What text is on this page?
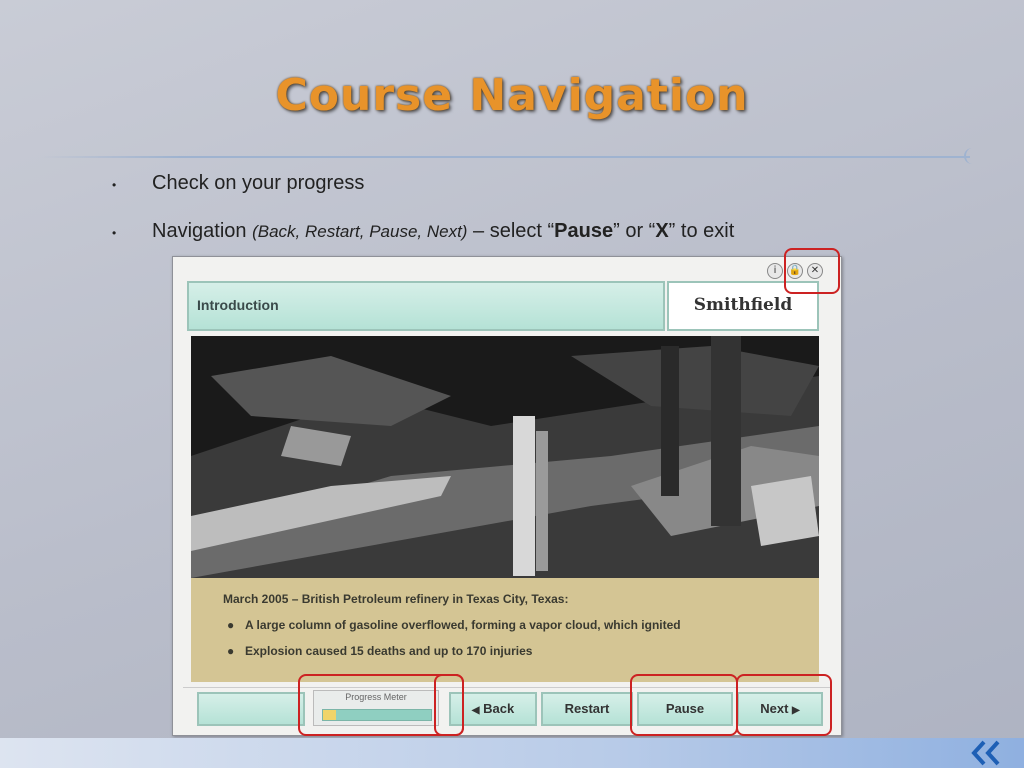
Course Navigation
• Check on your progress
• Navigation (Back, Restart, Pause, Next) – select “Pause” or “X” to exit
i	🔒 ✕
Introduction	Smithfield
March 2005 – British Petroleum refinery in Texas City, Texas:
● A large column of gasoline overflowed, forming a vapor cloud, which ignited
● Explosion caused 15 deaths and up to 170 injuries
Progress Meter
◀ Back	Restart	Pause	Next ▶
